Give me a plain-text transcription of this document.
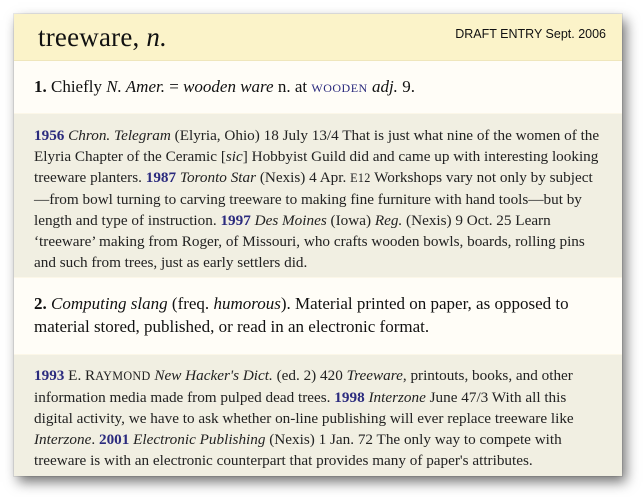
treeware, n.	DRAFT ENTRY Sept. 2006
1. Chiefly N. Amer. = wooden ware n. at WOODEN adj. 9.
1956 Chron. Telegram (Elyria, Ohio) 18 July 13/4 That is just what nine of the women of the Elyria Chapter of the Ceramic [sic] Hobbyist Guild did and came up with interesting looking treeware planters. 1987 Toronto Star (Nexis) 4 Apr. E12 Workshops vary not only by subject—from bowl turning to carving treeware to making fine furniture with hand tools—but by length and type of instruction. 1997 Des Moines (Iowa) Reg. (Nexis) 9 Oct. 25 Learn ‘treeware’ making from Roger, of Missouri, who crafts wooden bowls, boards, rolling pins and such from trees, just as early settlers did.
2. Computing slang (freq. humorous). Material printed on paper, as opposed to material stored, published, or read in an electronic format.
1993 E. RAYMOND New Hacker's Dict. (ed. 2) 420 Treeware, printouts, books, and other information media made from pulped dead trees. 1998 Interzone June 47/3 With all this digital activity, we have to ask whether on-line publishing will ever replace treeware like Interzone. 2001 Electronic Publishing (Nexis) 1 Jan. 72 The only way to compete with treeware is with an electronic counterpart that provides many of paper's attributes.
